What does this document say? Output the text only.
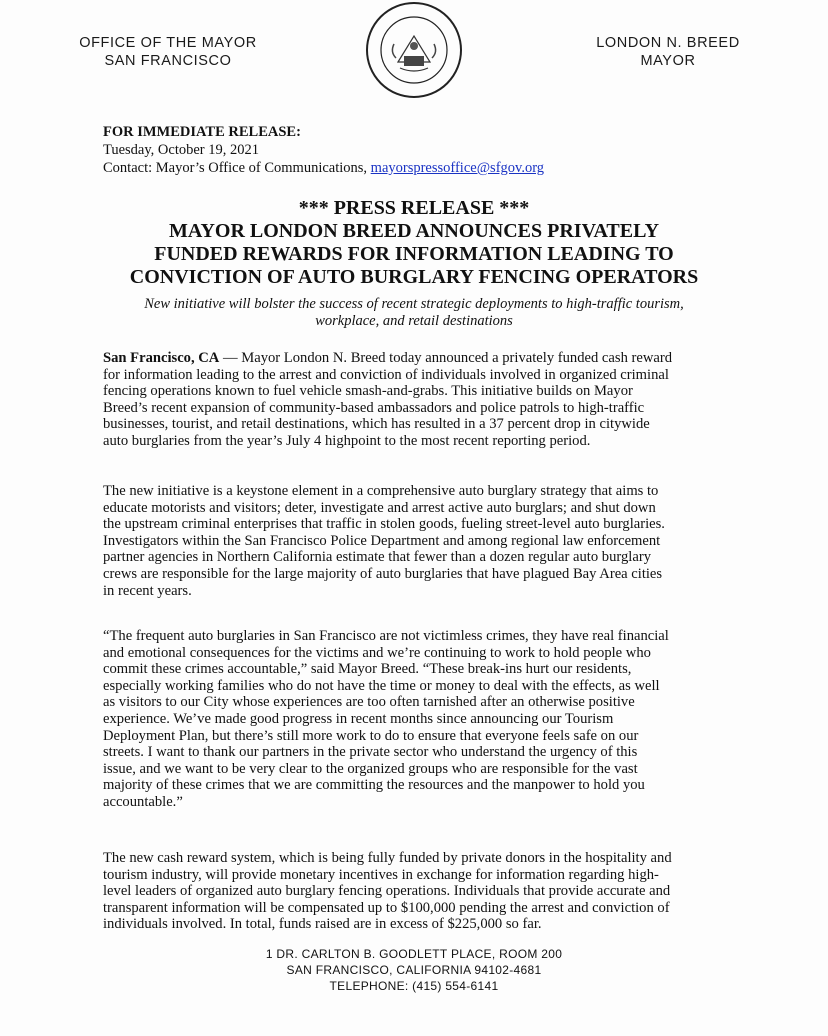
OFFICE OF THE MAYOR
SAN FRANCISCO
LONDON N. BREED
MAYOR
FOR IMMEDIATE RELEASE:
Tuesday, October 19, 2021
Contact: Mayor’s Office of Communications, mayorspressoffice@sfgov.org
*** PRESS RELEASE ***
MAYOR LONDON BREED ANNOUNCES PRIVATELY
FUNDED REWARDS FOR INFORMATION LEADING TO
CONVICTION OF AUTO BURGLARY FENCING OPERATORS
New initiative will bolster the success of recent strategic deployments to high-traffic tourism,
workplace, and retail destinations
San Francisco, CA — Mayor London N. Breed today announced a privately funded cash reward
for information leading to the arrest and conviction of individuals involved in organized criminal
fencing operations known to fuel vehicle smash-and-grabs. This initiative builds on Mayor
Breed’s recent expansion of community-based ambassadors and police patrols to high-traffic
businesses, tourist, and retail destinations, which has resulted in a 37 percent drop in citywide
auto burglaries from the year’s July 4 highpoint to the most recent reporting period.
The new initiative is a keystone element in a comprehensive auto burglary strategy that aims to
educate motorists and visitors; deter, investigate and arrest active auto burglars; and shut down
the upstream criminal enterprises that traffic in stolen goods, fueling street-level auto burglaries.
Investigators within the San Francisco Police Department and among regional law enforcement
partner agencies in Northern California estimate that fewer than a dozen regular auto burglary
crews are responsible for the large majority of auto burglaries that have plagued Bay Area cities
in recent years.
“The frequent auto burglaries in San Francisco are not victimless crimes, they have real financial
and emotional consequences for the victims and we’re continuing to work to hold people who
commit these crimes accountable,” said Mayor Breed. “These break-ins hurt our residents,
especially working families who do not have the time or money to deal with the effects, as well
as visitors to our City whose experiences are too often tarnished after an otherwise positive
experience. We’ve made good progress in recent months since announcing our Tourism
Deployment Plan, but there’s still more work to do to ensure that everyone feels safe on our
streets. I want to thank our partners in the private sector who understand the urgency of this
issue, and we want to be very clear to the organized groups who are responsible for the vast
majority of these crimes that we are committing the resources and the manpower to hold you
accountable.”
The new cash reward system, which is being fully funded by private donors in the hospitality and
tourism industry, will provide monetary incentives in exchange for information regarding high-
level leaders of organized auto burglary fencing operations. Individuals that provide accurate and
transparent information will be compensated up to $100,000 pending the arrest and conviction of
individuals involved. In total, funds raised are in excess of $225,000 so far.
1 DR. CARLTON B. GOODLETT PLACE, ROOM 200
SAN FRANCISCO, CALIFORNIA 94102-4681
TELEPHONE: (415) 554-6141
